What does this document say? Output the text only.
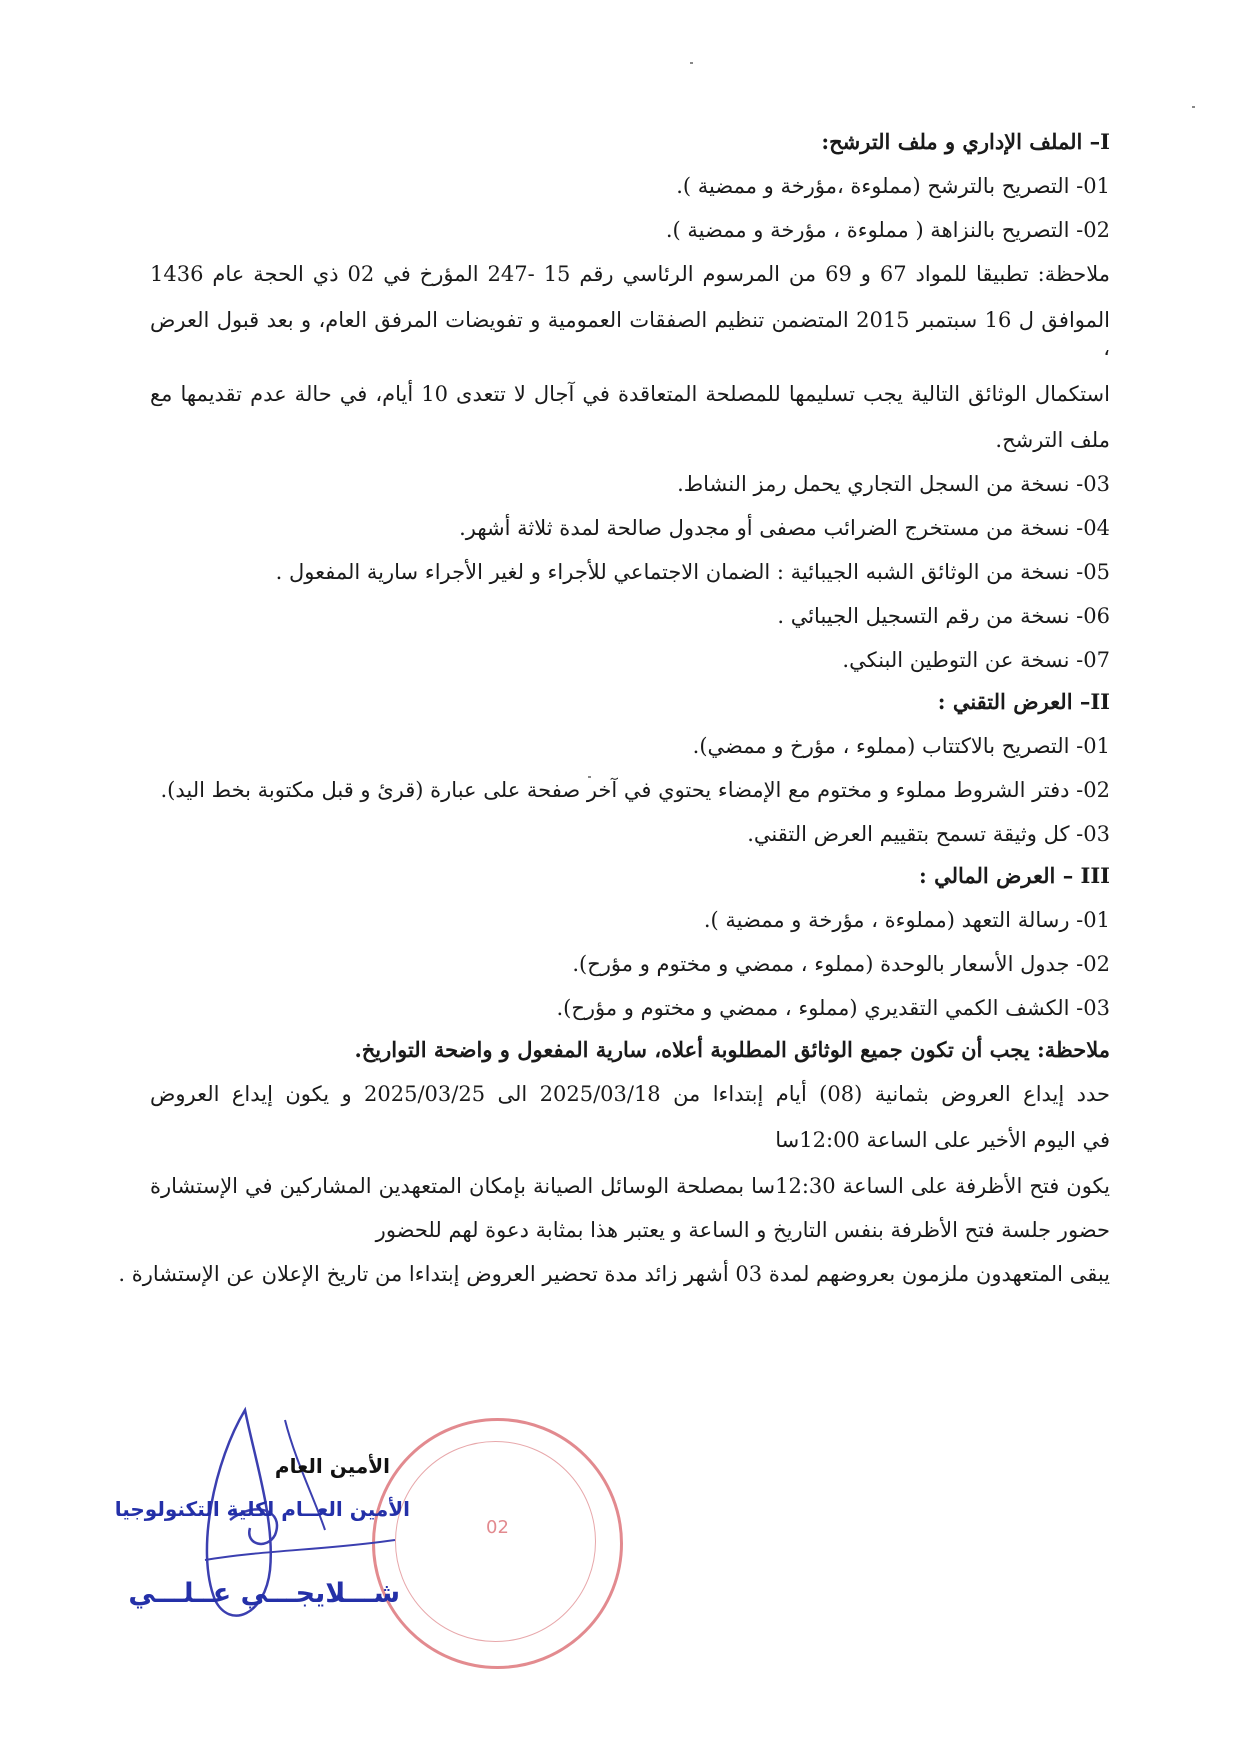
I– الملف الإداري و ملف الترشح:
01- التصريح بالترشح (مملوءة ،مؤرخة و ممضية ).
02- التصريح بالنزاهة ( مملوءة ، مؤرخة و ممضية ).
ملاحظة: تطبيقا للمواد 67 و 69 من المرسوم الرئاسي رقم 15 -247 المؤرخ في 02 ذي الحجة عام 1436
الموافق ل 16 سبتمبر 2015 المتضمن تنظيم الصفقات العمومية و تفويضات المرفق العام، و بعد قبول العرض ،
استكمال الوثائق التالية يجب تسليمها للمصلحة المتعاقدة في آجال لا تتعدى 10 أيام، في حالة عدم تقديمها مع
ملف الترشح.
03- نسخة من السجل التجاري يحمل رمز النشاط.
04- نسخة من مستخرج الضرائب مصفى أو مجدول صالحة لمدة ثلاثة أشهر.
05- نسخة من الوثائق الشبه الجيبائية : الضمان الاجتماعي للأجراء و لغير الأجراء سارية المفعول .
06- نسخة من رقم التسجيل الجيبائي .
07- نسخة عن التوطين البنكي.
II– العرض التقني :
01- التصريح بالاكتتاب (مملوء ، مؤرخ و ممضي).
02- دفتر الشروط مملوء و مختوم مع الإمضاء يحتوي في آخر صفحة على عبارة (قرئ و قبل مكتوبة بخط اليد).
03- كل وثيقة تسمح بتقييم العرض التقني.
III – العرض المالي :
01- رسالة التعهد (مملوءة ، مؤرخة و ممضية ).
02- جدول الأسعار بالوحدة (مملوء ، ممضي و مختوم و مؤرح).
03- الكشف الكمي التقديري (مملوء ، ممضي و مختوم و مؤرح).
ملاحظة: يجب أن تكون جميع الوثائق المطلوبة أعلاه، سارية المفعول و واضحة التواريخ.
حدد إيداع العروض بثمانية (08) أيام إبتداءا من 2025/03/18 الى 2025/03/25 و يكون إيداع العروض
في اليوم الأخير على الساعة 12:00سا
يكون فتح الأظرفة على الساعة 12:30سا بمصلحة الوسائل الصيانة بإمكان المتعهدين المشاركين في الإستشارة
حضور جلسة فتح الأظرفة بنفس التاريخ و الساعة و يعتبر هذا بمثابة دعوة لهم للحضور
يبقى المتعهدون ملزمون بعروضهم لمدة 03 أشهر زائد مدة تحضير العروض إبتداءا من تاريخ الإعلان عن الإستشارة .
02
الأمين العام
الأمين العــام لكلية التكنولوجيا
شـــلايجـــي عــلـــي
